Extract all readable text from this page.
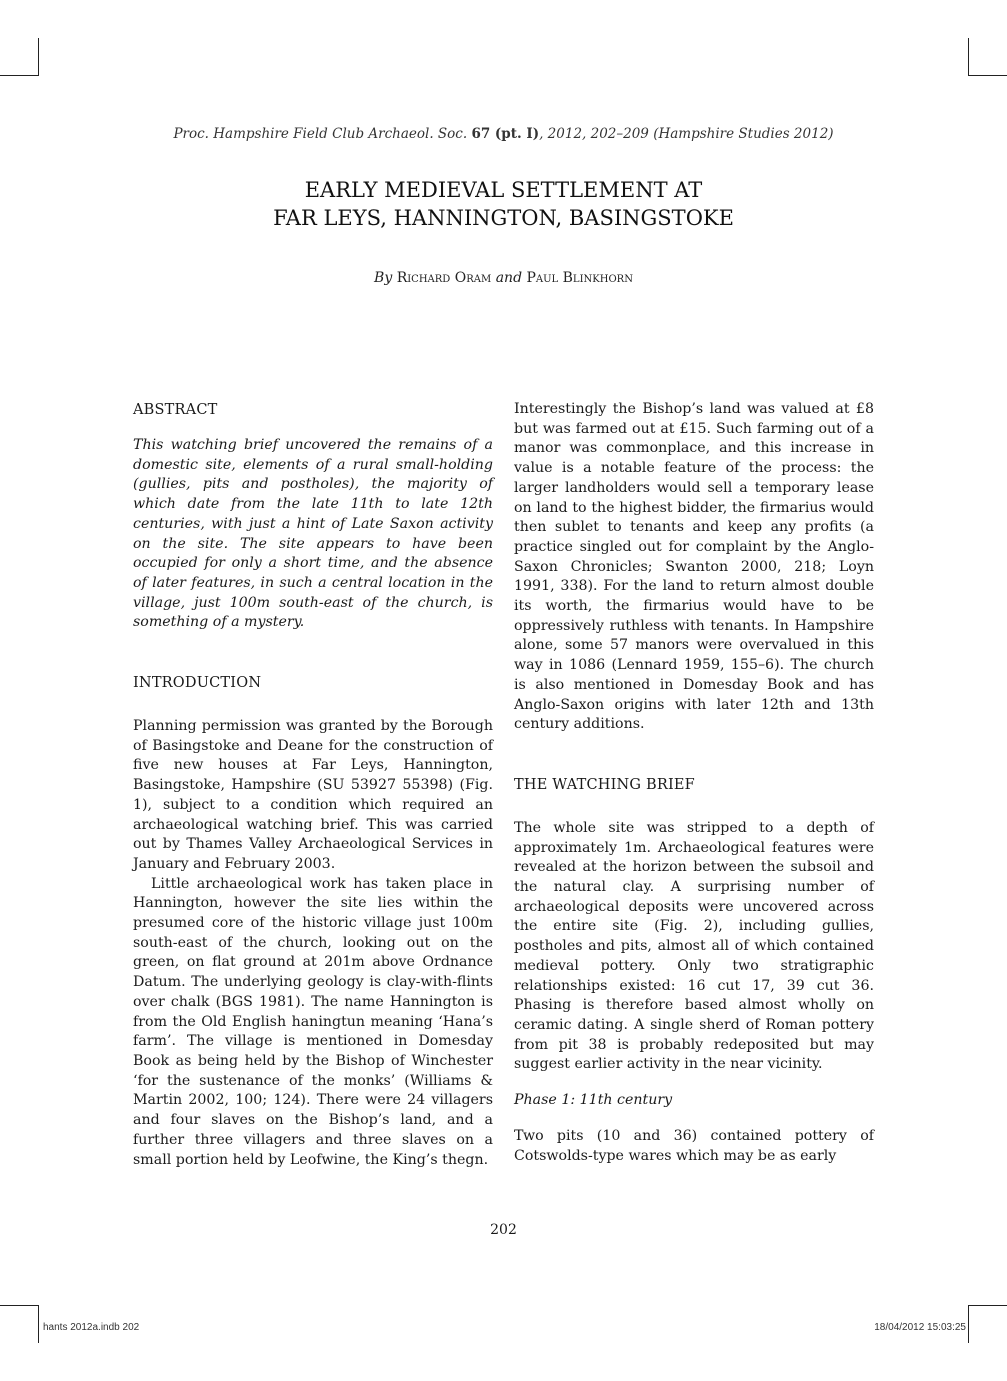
Proc. Hampshire Field Club Archaeol. Soc. 67 (pt. I), 2012, 202–209 (Hampshire Studies 2012)
EARLY MEDIEVAL SETTLEMENT AT
FAR LEYS, HANNINGTON, BASINGSTOKE
By Richard Oram and Paul Blinkhorn
ABSTRACT

This watching brief uncovered the remains of a domestic site, elements of a rural small-holding (gullies, pits and postholes), the majority of which date from the late 11th to late 12th centuries, with just a hint of Late Saxon activity on the site. The site appears to have been occupied for only a short time, and the absence of later features, in such a central location in the village, just 100m south-east of the church, is something of a mystery.

INTRODUCTION

Planning permission was granted by the Borough of Basingstoke and Deane for the construction of five new houses at Far Leys, Hannington, Basingstoke, Hampshire (SU 53927 55398) (Fig. 1), subject to a condition which required an archaeological watching brief. This was carried out by Thames Valley Archaeological Services in January and February 2003.

Little archaeological work has taken place in Hannington, however the site lies within the presumed core of the historic village just 100m south-east of the church, looking out on the green, on flat ground at 201m above Ordnance Datum. The underlying geology is clay-with-flints over chalk (BGS 1981). The name Hannington is from the Old English haningtun meaning ‘Hana’s farm’. The village is mentioned in Domesday Book as being held by the Bishop of Winchester ‘for the sustenance of the monks’ (Williams & Martin 2002, 100; 124). There were 24 villagers and four slaves on the Bishop’s land, and a further three villagers and three slaves on a small portion held by Leofwine, the King’s thegn.

Interestingly the Bishop’s land was valued at £8 but was farmed out at £15. Such farming out of a manor was commonplace, and this increase in value is a notable feature of the process: the larger landholders would sell a temporary lease on land to the highest bidder, the firmarius would then sublet to tenants and keep any profits (a practice singled out for complaint by the Anglo-Saxon Chronicles; Swanton 2000, 218; Loyn 1991, 338). For the land to return almost double its worth, the firmarius would have to be oppressively ruthless with tenants. In Hampshire alone, some 57 manors were overvalued in this way in 1086 (Lennard 1959, 155–6). The church is also mentioned in Domesday Book and has Anglo-Saxon origins with later 12th and 13th century additions.

THE WATCHING BRIEF

The whole site was stripped to a depth of approximately 1m. Archaeological features were revealed at the horizon between the subsoil and the natural clay. A surprising number of archaeological deposits were uncovered across the entire site (Fig. 2), including gullies, postholes and pits, almost all of which contained medieval pottery. Only two stratigraphic relationships existed: 16 cut 17, 39 cut 36. Phasing is therefore based almost wholly on ceramic dating. A single sherd of Roman pottery from pit 38 is probably redeposited but may suggest earlier activity in the near vicinity.

Phase 1: 11th century

Two pits (10 and 36) contained pottery of Cotswolds-type wares which may be as early

202
hants 2012a.indb 202	18/04/2012 15:03:25
